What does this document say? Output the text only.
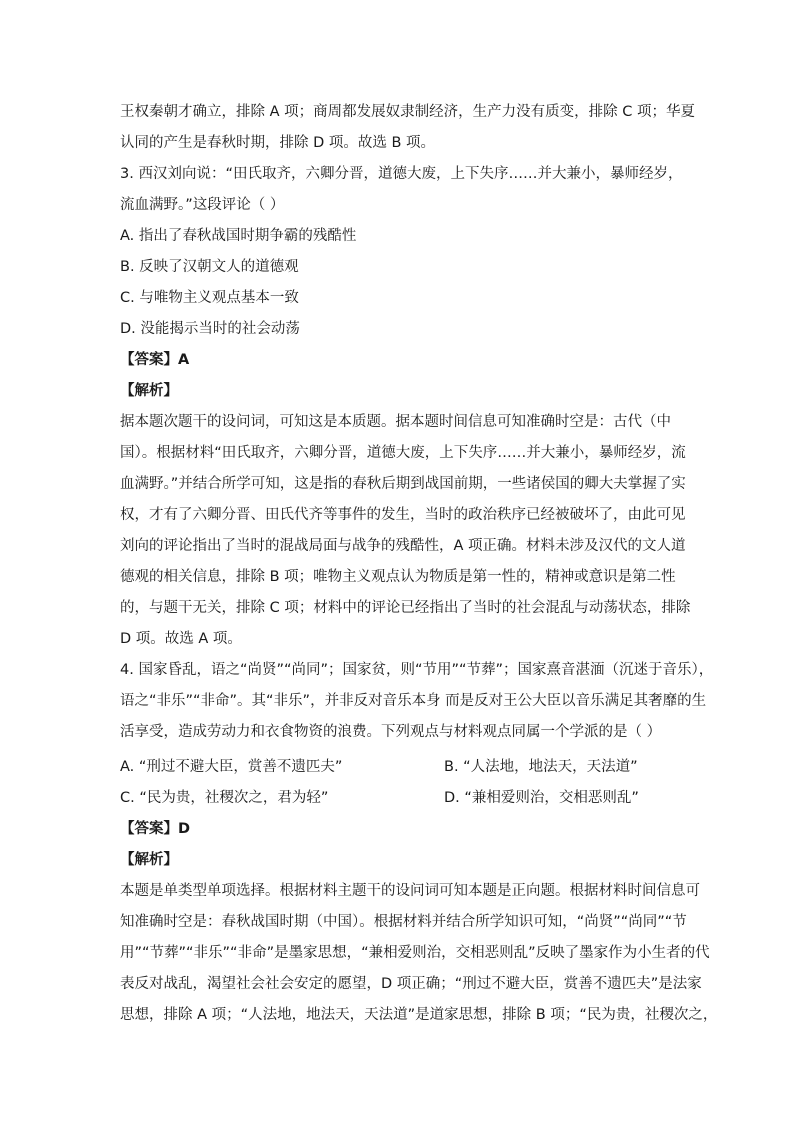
王权秦朝才确立，排除 A 项；商周都发展奴隶制经济，生产力没有质变，排除 C 项；华夏
认同的产生是春秋时期，排除 D 项。故选 B 项。
3. 西汉刘向说：“田氏取齐，六卿分晋，道德大废，上下失序……并大兼小，暴师经岁，
流血满野。”这段评论（ ）
A. 指出了春秋战国时期争霸的残酷性
B. 反映了汉朝文人的道德观
C. 与唯物主义观点基本一致
D. 没能揭示当时的社会动荡
【答案】A
【解析】
据本题次题干的设问词，可知这是本质题。据本题时间信息可知准确时空是：古代（中
国）。根据材料“田氏取齐，六卿分晋，道德大废，上下失序……并大兼小，暴师经岁，流
血满野。”并结合所学可知，这是指的春秋后期到战国前期，一些诸侯国的卿大夫掌握了实
权，才有了六卿分晋、田氏代齐等事件的发生，当时的政治秩序已经被破坏了，由此可见
刘向的评论指出了当时的混战局面与战争的残酷性，A 项正确。材料未涉及汉代的文人道
德观的相关信息，排除 B 项；唯物主义观点认为物质是第一性的，精神或意识是第二性
的，与题干无关，排除 C 项；材料中的评论已经指出了当时的社会混乱与动荡状态，排除
D 项。故选 A 项。
4. 国家昏乱，语之“尚贤”“尚同”；国家贫，则“节用”“节葬”；国家熹音湛湎（沉迷于音乐），
语之“非乐”“非命”。其“非乐”，并非反对音乐本身 而是反对王公大臣以音乐满足其奢靡的生
活享受，造成劳动力和衣食物资的浪费。下列观点与材料观点同属一个学派的是（ ）
A. “刑过不避大臣，赏善不遗匹夫”	B. “人法地，地法天，天法道”
C. “民为贵，社稷次之，君为轻”	D. “兼相爱则治，交相恶则乱”
【答案】D
【解析】
本题是单类型单项选择。根据材料主题干的设问词可知本题是正向题。根据材料时间信息可
知准确时空是：春秋战国时期（中国）。根据材料并结合所学知识可知，“尚贤”“尚同”“节
用”“节葬”“非乐”“非命”是墨家思想，“兼相爱则治，交相恶则乱”反映了墨家作为小生者的代
表反对战乱，渴望社会社会安定的愿望，D 项正确；“刑过不避大臣，赏善不遗匹夫”是法家
思想，排除 A 项；“人法地，地法天，天法道”是道家思想，排除 B 项；“民为贵，社稷次之，
